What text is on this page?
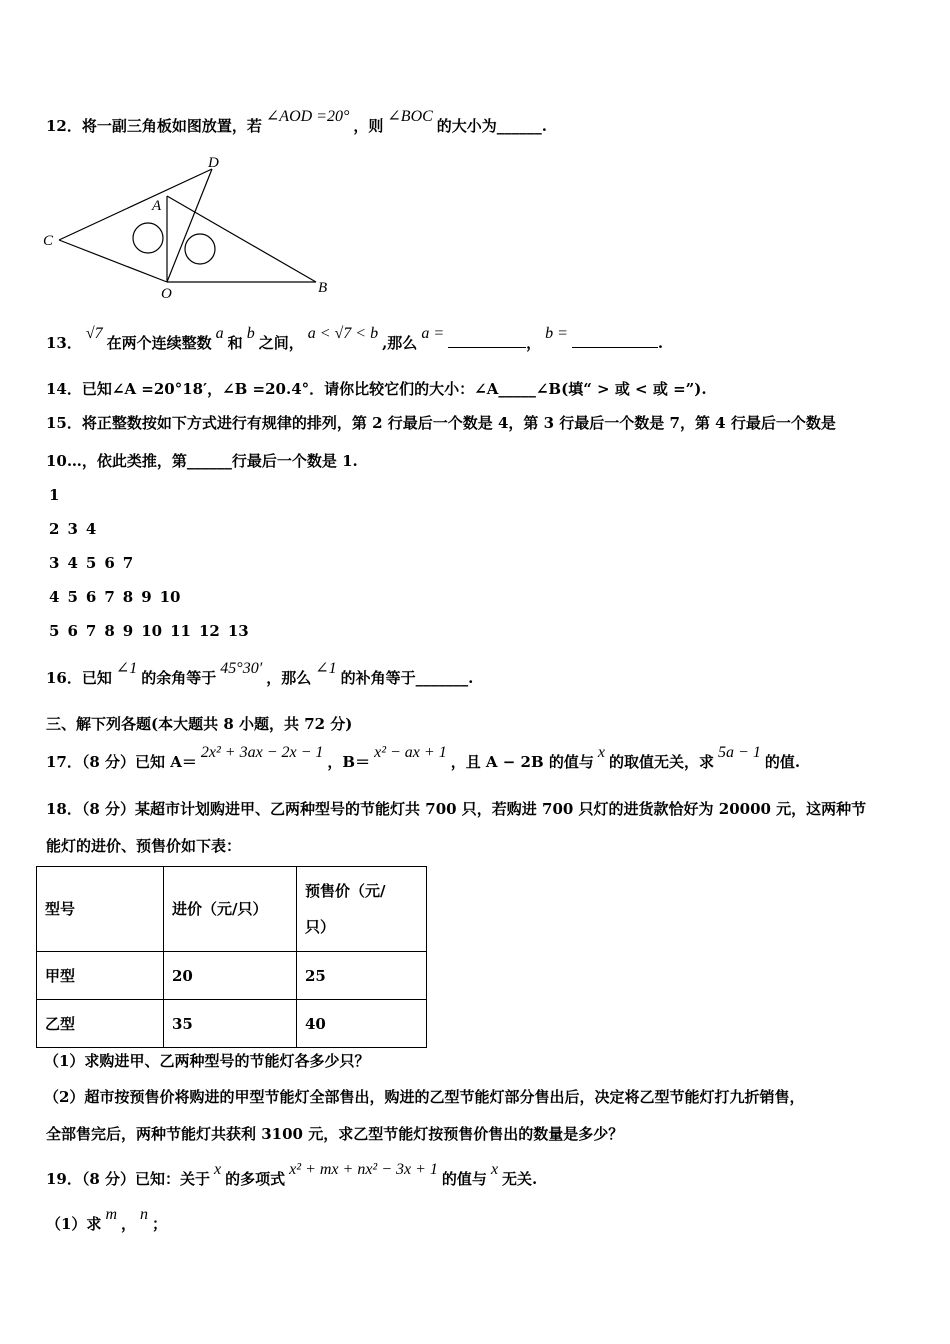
12．将一副三角板如图放置，若∠AOD =20°，则∠BOC的大小为______.
D
A
C
O	B
13．√7在两个连续整数a和b之间，a < √7 < b,那么a =，b =.
14．已知∠A =20°18′，∠B =20.4°．请你比较它们的大小：∠A_____∠B(填“ > 或 < 或 =”).
15．将正整数按如下方式进行有规律的排列，第 2 行最后一个数是 4，第 3 行最后一个数是 7，第 4 行最后一个数是
10…，依此类推，第______行最后一个数是 1.
1
2 3 4
3 4 5 6 7
4 5 6 7 8 9 10
5 6 7 8 9 10 11 12 13
16．已知∠1的余角等于45°30′，那么∠1的补角等于_______.
三、解下列各题(本大题共 8 小题，共 72 分)
17．（8 分）已知 A＝2x² + 3ax − 2x − 1，B＝x² − ax + 1，且 A − 2B 的值与x的取值无关，求5a − 1的值.
18．（8 分）某超市计划购进甲、乙两种型号的节能灯共 700 只，若购进 700 只灯的进货款恰好为 20000 元，这两种节
能灯的进价、预售价如下表：
型号	进价（元/只）	预售价（元/
只）
甲型	20	25
乙型	35	40
（1）求购进甲、乙两种型号的节能灯各多少只？
（2）超市按预售价将购进的甲型节能灯全部售出，购进的乙型节能灯部分售出后，决定将乙型节能灯打九折销售，
全部售完后，两种节能灯共获利 3100 元，求乙型节能灯按预售价售出的数量是多少？
19．（8 分）已知：关于x的多项式x² + mx + nx² − 3x + 1的值与x无关.
（1）求m，n；
